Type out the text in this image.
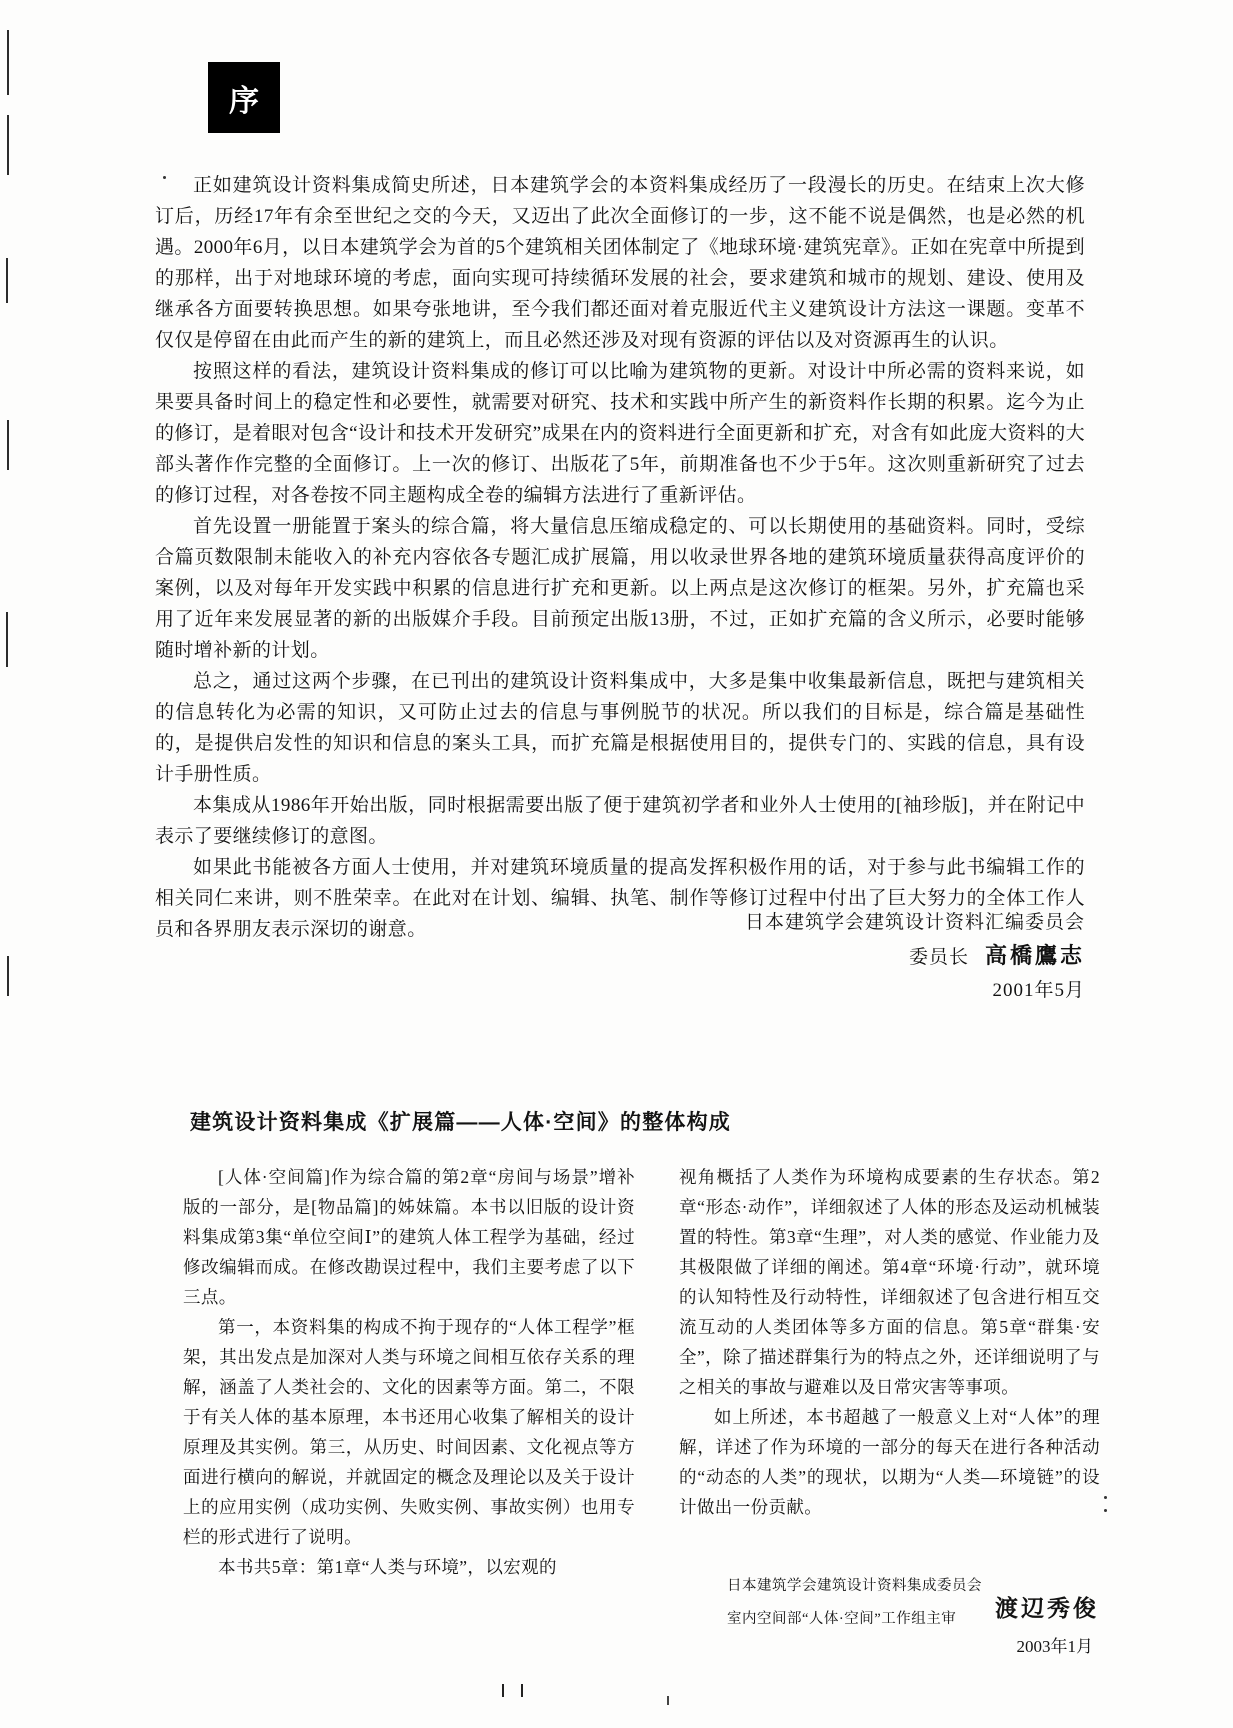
序

正如建筑设计资料集成简史所述，日本建筑学会的本资料集成经历了一段漫长的历史。在结束上次大修订后，历经17年有余至世纪之交的今天，又迈出了此次全面修订的一步，这不能不说是偶然，也是必然的机遇。2000年6月，以日本建筑学会为首的5个建筑相关团体制定了《地球环境·建筑宪章》。正如在宪章中所提到的那样，出于对地球环境的考虑，面向实现可持续循环发展的社会，要求建筑和城市的规划、建设、使用及继承各方面要转换思想。如果夸张地讲，至今我们都还面对着克服近代主义建筑设计方法这一课题。变革不仅仅是停留在由此而产生的新的建筑上，而且必然还涉及对现有资源的评估以及对资源再生的认识。

按照这样的看法，建筑设计资料集成的修订可以比喻为建筑物的更新。对设计中所必需的资料来说，如果要具备时间上的稳定性和必要性，就需要对研究、技术和实践中所产生的新资料作长期的积累。迄今为止的修订，是着眼对包含“设计和技术开发研究”成果在内的资料进行全面更新和扩充，对含有如此庞大资料的大部头著作作完整的全面修订。上一次的修订、出版花了5年，前期准备也不少于5年。这次则重新研究了过去的修订过程，对各卷按不同主题构成全卷的编辑方法进行了重新评估。

首先设置一册能置于案头的综合篇，将大量信息压缩成稳定的、可以长期使用的基础资料。同时，受综合篇页数限制未能收入的补充内容依各专题汇成扩展篇，用以收录世界各地的建筑环境质量获得高度评价的案例，以及对每年开发实践中积累的信息进行扩充和更新。以上两点是这次修订的框架。另外，扩充篇也采用了近年来发展显著的新的出版媒介手段。目前预定出版13册，不过，正如扩充篇的含义所示，必要时能够随时增补新的计划。

总之，通过这两个步骤，在已刊出的建筑设计资料集成中，大多是集中收集最新信息，既把与建筑相关的信息转化为必需的知识，又可防止过去的信息与事例脱节的状况。所以我们的目标是，综合篇是基础性的，是提供启发性的知识和信息的案头工具，而扩充篇是根据使用目的，提供专门的、实践的信息，具有设计手册性质。

本集成从1986年开始出版，同时根据需要出版了便于建筑初学者和业外人士使用的[袖珍版]，并在附记中表示了要继续修订的意图。

如果此书能被各方面人士使用，并对建筑环境质量的提高发挥积极作用的话，对于参与此书编辑工作的相关同仁来讲，则不胜荣幸。在此对在计划、编辑、执笔、制作等修订过程中付出了巨大努力的全体工作人员和各界朋友表示深切的谢意。	日本建筑学会建筑设计资料汇编委员会
委员长 高橋鷹志
2001年5月
建筑设计资料集成《扩展篇——人体·空间》的整体构成

[人体·空间篇]作为综合篇的第2章“房间与场景”增补版的一部分，是[物品篇]的姊妹篇。本书以旧版的设计资料集成第3集“单位空间Ⅰ”的建筑人体工程学为基础，经过修改编辑而成。在修改勘误过程中，我们主要考虑了以下三点。

第一，本资料集的构成不拘于现存的“人体工程学”框架，其出发点是加深对人类与环境之间相互依存关系的理解，涵盖了人类社会的、文化的因素等方面。第二，不限于有关人体的基本原理，本书还用心收集了解相关的设计原理及其实例。第三，从历史、时间因素、文化视点等方面进行横向的解说，并就固定的概念及理论以及关于设计上的应用实例（成功实例、失败实例、事故实例）也用专栏的形式进行了说明。

本书共5章：第1章“人类与环境”，以宏观的

视角概括了人类作为环境构成要素的生存状态。第2章“形态·动作”，详细叙述了人体的形态及运动机械装置的特性。第3章“生理”，对人类的感觉、作业能力及其极限做了详细的阐述。第4章“环境·行动”，就环境的认知特性及行动特性，详细叙述了包含进行相互交流互动的人类团体等多方面的信息。第5章“群集·安全”，除了描述群集行为的特点之外，还详细说明了与之相关的事故与避难以及日常灾害等事项。

如上所述，本书超越了一般意义上对“人体”的理解，详述了作为环境的一部分的每天在进行各种活动的“动态的人类”的现状，以期为“人类—环境链”的设计做出一份贡献。

日本建筑学会建筑设计资料集成委员会
室内空间部“人体·空间”工作组主审	渡辺秀俊
2003年1月
